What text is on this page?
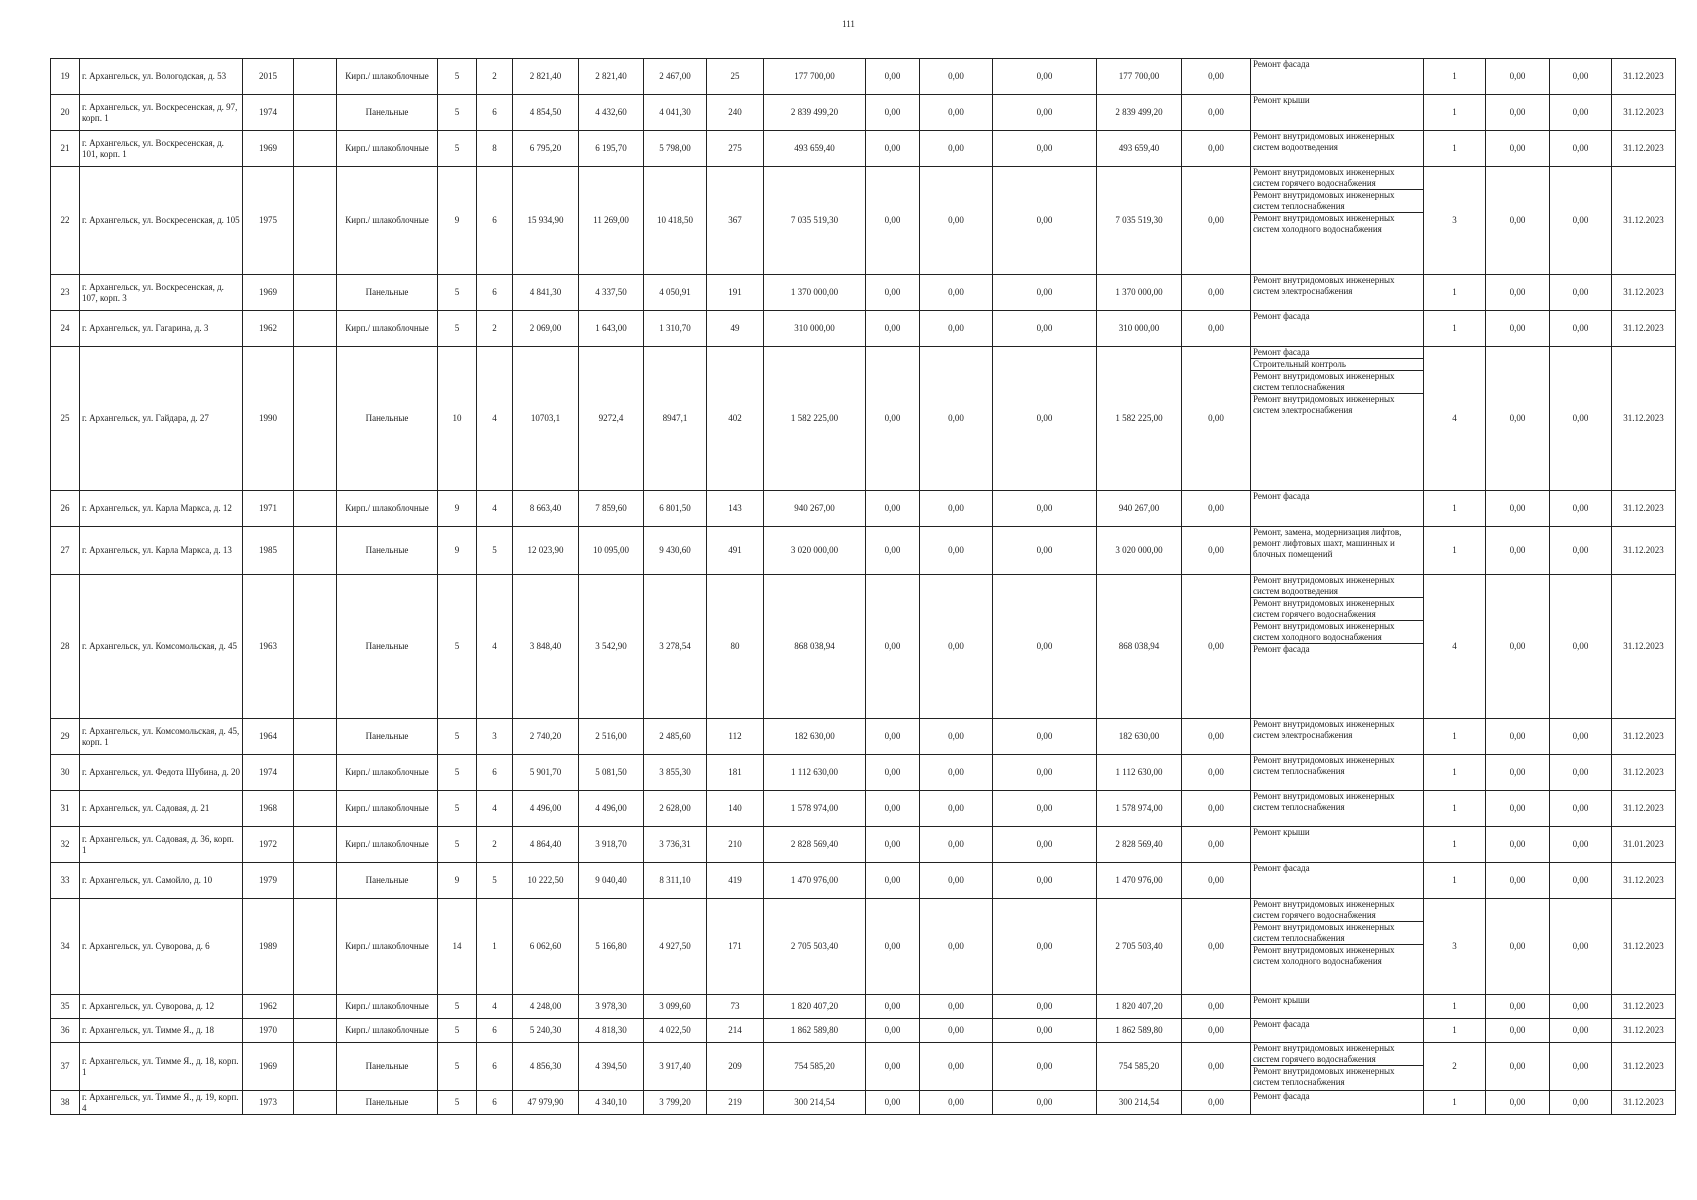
111
19	г. Архангельск, ул. Вологодская, д. 53	2015		Кирп./ шлакоблочные	5	2	2 821,40	2 821,40	2 467,00	25	177 700,00	0,00	0,00	0,00	177 700,00	0,00	Ремонт фасада	1	0,00	0,00	31.12.2023
20	г. Архангельск, ул. Воскресенская, д. 97, корп. 1	1974		Панельные	5	6	4 854,50	4 432,60	4 041,30	240	2 839 499,20	0,00	0,00	0,00	2 839 499,20	0,00	Ремонт крыши	1	0,00	0,00	31.12.2023
21	г. Архангельск, ул. Воскресенская, д. 101, корп. 1	1969		Кирп./ шлакоблочные	5	8	6 795,20	6 195,70	5 798,00	275	493 659,40	0,00	0,00	0,00	493 659,40	0,00	Ремонт внутридомовых инженерных систем водоотведения	1	0,00	0,00	31.12.2023
22	г. Архангельск, ул. Воскресенская, д. 105	1975		Кирп./ шлакоблочные	9	6	15 934,90	11 269,00	10 418,50	367	7 035 519,30	0,00	0,00	0,00	7 035 519,30	0,00	Ремонт внутридомовых инженерных систем горячего водоснабжения
Ремонт внутридомовых инженерных систем теплоснабжения
Ремонт внутридомовых инженерных систем холодного водоснабжения	3	0,00	0,00	31.12.2023
23	г. Архангельск, ул. Воскресенская, д. 107, корп. 3	1969		Панельные	5	6	4 841,30	4 337,50	4 050,91	191	1 370 000,00	0,00	0,00	0,00	1 370 000,00	0,00	Ремонт внутридомовых инженерных систем электроснабжения	1	0,00	0,00	31.12.2023
24	г. Архангельск, ул. Гагарина, д. 3	1962		Кирп./ шлакоблочные	5	2	2 069,00	1 643,00	1 310,70	49	310 000,00	0,00	0,00	0,00	310 000,00	0,00	Ремонт фасада	1	0,00	0,00	31.12.2023
25	г. Архангельск, ул. Гайдара, д. 27	1990		Панельные	10	4	10703,1	9272,4	8947,1	402	1 582 225,00	0,00	0,00	0,00	1 582 225,00	0,00	Ремонт фасада
Строительный контроль
Ремонт внутридомовых инженерных систем теплоснабжения
Ремонт внутридомовых инженерных систем электроснабжения	4	0,00	0,00	31.12.2023
26	г. Архангельск, ул. Карла Маркса, д. 12	1971		Кирп./ шлакоблочные	9	4	8 663,40	7 859,60	6 801,50	143	940 267,00	0,00	0,00	0,00	940 267,00	0,00	Ремонт фасада	1	0,00	0,00	31.12.2023
27	г. Архангельск, ул. Карла Маркса, д. 13	1985		Панельные	9	5	12 023,90	10 095,00	9 430,60	491	3 020 000,00	0,00	0,00	0,00	3 020 000,00	0,00	Ремонт, замена, модернизация лифтов, ремонт лифтовых шахт, машинных и блочных помещений	1	0,00	0,00	31.12.2023
28	г. Архангельск, ул. Комсомольская, д. 45	1963		Панельные	5	4	3 848,40	3 542,90	3 278,54	80	868 038,94	0,00	0,00	0,00	868 038,94	0,00	Ремонт внутридомовых инженерных систем водоотведения
Ремонт внутридомовых инженерных систем горячего водоснабжения
Ремонт внутридомовых инженерных систем холодного водоснабжения
Ремонт фасада	4	0,00	0,00	31.12.2023
29	г. Архангельск, ул. Комсомольская, д. 45, корп. 1	1964		Панельные	5	3	2 740,20	2 516,00	2 485,60	112	182 630,00	0,00	0,00	0,00	182 630,00	0,00	Ремонт внутридомовых инженерных систем электроснабжения	1	0,00	0,00	31.12.2023
30	г. Архангельск, ул. Федота Шубина, д. 20	1974		Кирп./ шлакоблочные	5	6	5 901,70	5 081,50	3 855,30	181	1 112 630,00	0,00	0,00	0,00	1 112 630,00	0,00	Ремонт внутридомовых инженерных систем теплоснабжения	1	0,00	0,00	31.12.2023
31	г. Архангельск, ул. Садовая, д. 21	1968		Кирп./ шлакоблочные	5	4	4 496,00	4 496,00	2 628,00	140	1 578 974,00	0,00	0,00	0,00	1 578 974,00	0,00	Ремонт внутридомовых инженерных систем теплоснабжения	1	0,00	0,00	31.12.2023
32	г. Архангельск, ул. Садовая, д. 36, корп. 1	1972		Кирп./ шлакоблочные	5	2	4 864,40	3 918,70	3 736,31	210	2 828 569,40	0,00	0,00	0,00	2 828 569,40	0,00	Ремонт крыши	1	0,00	0,00	31.01.2023
33	г. Архангельск, ул. Самойло, д. 10	1979		Панельные	9	5	10 222,50	9 040,40	8 311,10	419	1 470 976,00	0,00	0,00	0,00	1 470 976,00	0,00	Ремонт фасада	1	0,00	0,00	31.12.2023
34	г. Архангельск, ул. Суворова, д. 6	1989		Кирп./ шлакоблочные	14	1	6 062,60	5 166,80	4 927,50	171	2 705 503,40	0,00	0,00	0,00	2 705 503,40	0,00	Ремонт внутридомовых инженерных систем горячего водоснабжения
Ремонт внутридомовых инженерных систем теплоснабжения
Ремонт внутридомовых инженерных систем холодного водоснабжения	3	0,00	0,00	31.12.2023
35	г. Архангельск, ул. Суворова, д. 12	1962		Кирп./ шлакоблочные	5	4	4 248,00	3 978,30	3 099,60	73	1 820 407,20	0,00	0,00	0,00	1 820 407,20	0,00	Ремонт крыши	1	0,00	0,00	31.12.2023
36	г. Архангельск, ул. Тимме Я., д. 18	1970		Кирп./ шлакоблочные	5	6	5 240,30	4 818,30	4 022,50	214	1 862 589,80	0,00	0,00	0,00	1 862 589,80	0,00	Ремонт фасада	1	0,00	0,00	31.12.2023
37	г. Архангельск, ул. Тимме Я., д. 18, корп. 1	1969		Панельные	5	6	4 856,30	4 394,50	3 917,40	209	754 585,20	0,00	0,00	0,00	754 585,20	0,00	Ремонт внутридомовых инженерных систем горячего водоснабжения
Ремонт внутридомовых инженерных систем теплоснабжения	2	0,00	0,00	31.12.2023
38	г. Архангельск, ул. Тимме Я., д. 19, корп. 4	1973		Панельные	5	6	47 979,90	4 340,10	3 799,20	219	300 214,54	0,00	0,00	0,00	300 214,54	0,00	Ремонт фасада	1	0,00	0,00	31.12.2023
